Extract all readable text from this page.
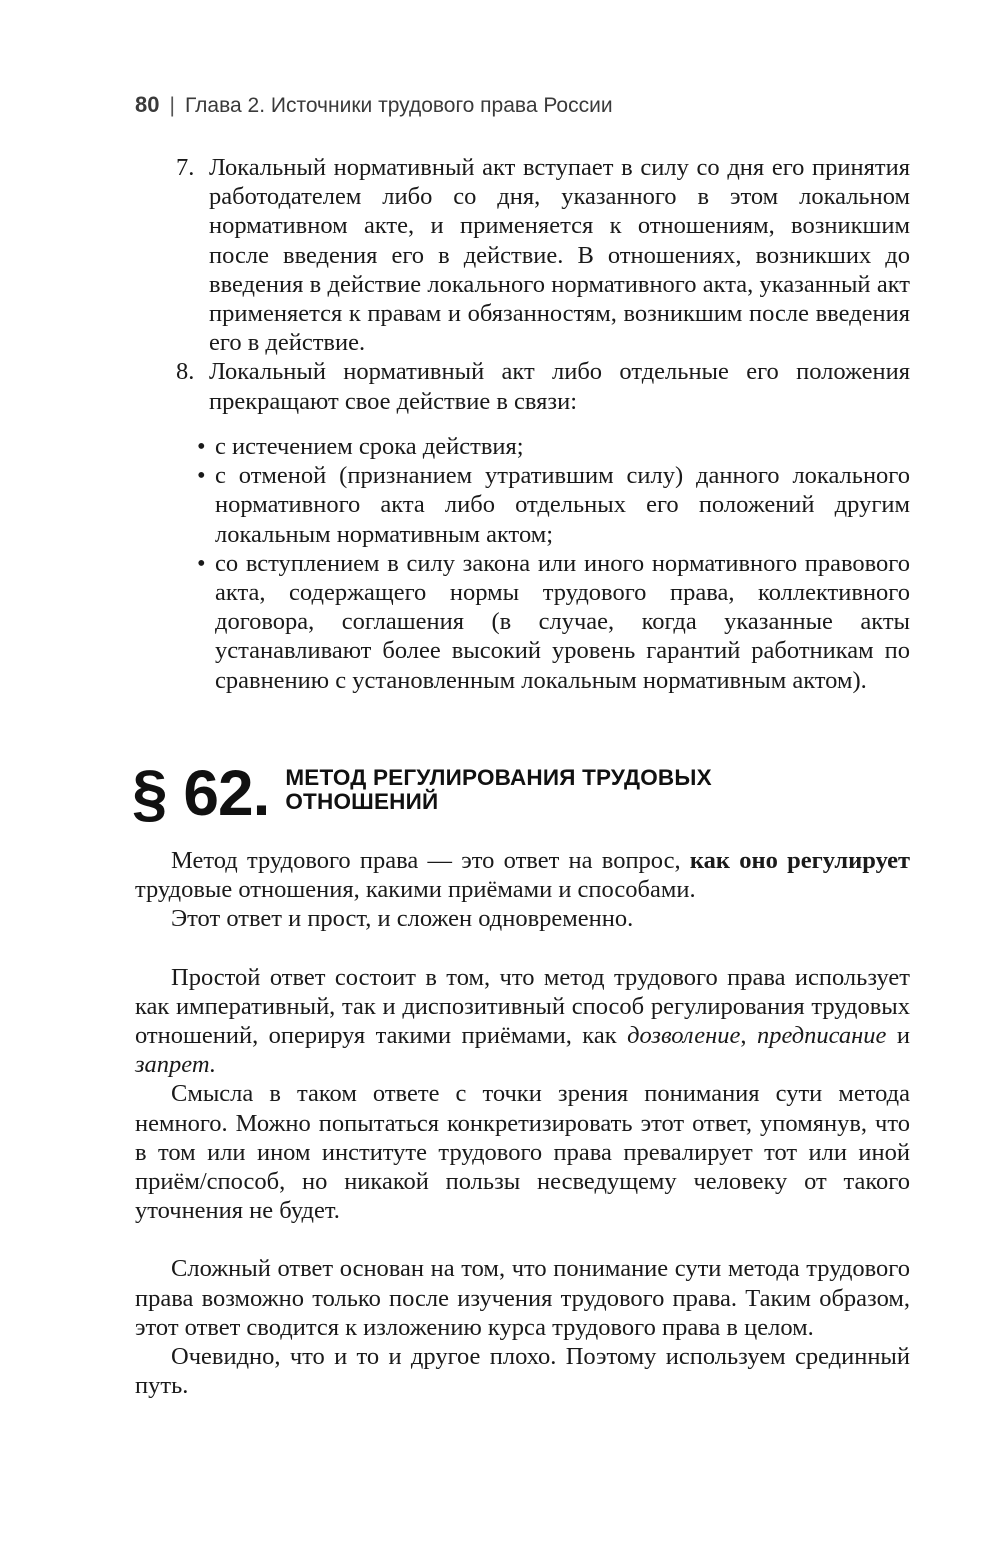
80 | Глава 2. Источники трудового права России
7. Локальный нормативный акт вступает в силу со дня его принятия работодателем либо со дня, указанного в этом локальном нормативном акте, и применяется к отношениям, возникшим после введения его в действие. В отношениях, возникших до введения в действие локального нормативного акта, указанный акт применяется к правам и обязанностям, возникшим после введения его в действие.
8. Локальный нормативный акт либо отдельные его положения прекращают свое действие в связи:
• с истечением срока действия;
• с отменой (признанием утратившим силу) данного локального нормативного акта либо отдельных его положений другим локальным нормативным актом;
• со вступлением в силу закона или иного нормативного правового акта, содержащего нормы трудового права, коллективного договора, соглашения (в случае, когда указанные акты устанавливают более высокий уровень гарантий работникам по сравнению с установленным локальным нормативным актом).
§ 62. МЕТОД РЕГУЛИРОВАНИЯ ТРУДОВЫХ
ОТНОШЕНИЙ

Метод трудового права — это ответ на вопрос, как оно регулирует трудовые отношения, какими приёмами и способами.

Этот ответ и прост, и сложен одновременно.

Простой ответ состоит в том, что метод трудового права использует как императивный, так и диспозитивный способ регулирования трудовых отношений, оперируя такими приёмами, как дозволение, предписание и запрет.

Смысла в таком ответе с точки зрения понимания сути метода немного. Можно попытаться конкретизировать этот ответ, упомянув, что в том или ином институте трудового права превалирует тот или иной приём/способ, но никакой пользы несведущему человеку от такого уточнения не будет.

Сложный ответ основан на том, что понимание сути метода трудового права возможно только после изучения трудового права. Таким образом, этот ответ сводится к изложению курса трудового права в целом.

Очевидно, что и то и другое плохо. Поэтому используем срединный путь.
